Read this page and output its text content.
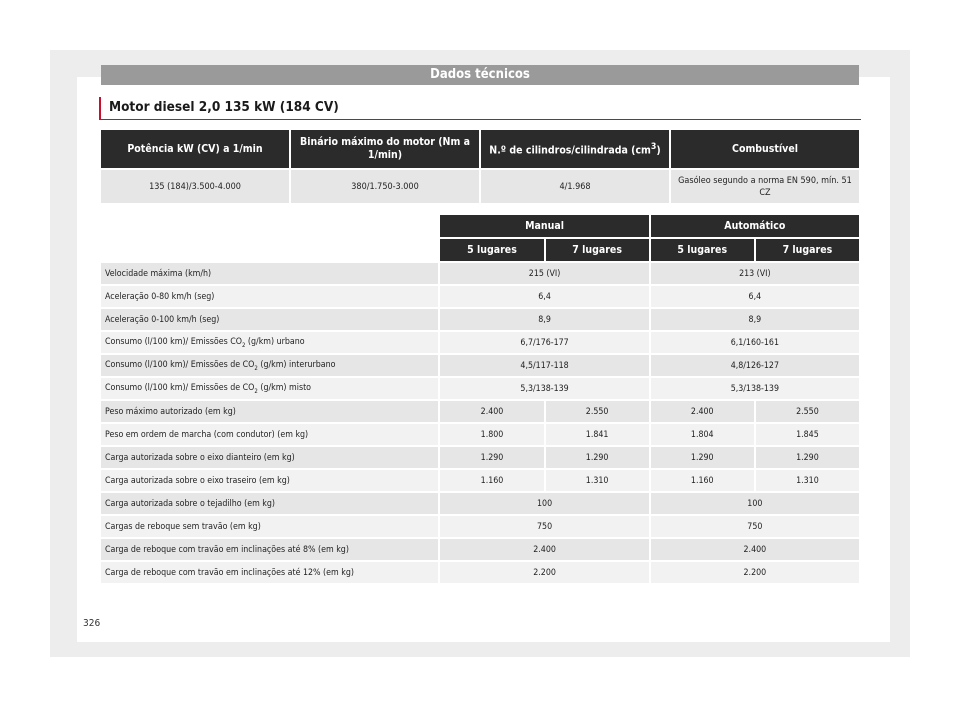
Dados técnicos
Motor diesel 2,0 135 kW (184 CV)
Potência kW (CV) a 1/min	Binário máximo do motor (Nm a 1/min)	N.º de cilindros/cilindrada $(cm^3)$	Combustível
135 (184)/3.500-4.000	380/1.750-3.000	4/1.968	Gasóleo segundo a norma EN 590, mín. 51 CZ
	Manual		Automático	
	5 lugares	7 lugares	5 lugares	7 lugares
Velocidade máxima (km/h)	215 (VI)		213 (VI)	
Aceleração 0-80 km/h (seg)	6,4		6,4	
Aceleração 0-100 km/h (seg)	8,9		8,9	
Consumo (l/100 km)/ Emissões $CO_2$ (g/km) urbano	6,7/176-177		6,1/160-161	
Consumo (l/100 km)/ Emissões de $CO_2$ (g/km) interurbano	4,5/117-118		4,8/126-127	
Consumo (l/100 km)/ Emissões de $CO_2$ (g/km) misto	5,3/138-139		5,3/138-139	
Peso máximo autorizado (em kg)	2.400	2.550	2.400	2.550
Peso em ordem de marcha (com condutor) (em kg)	1.800	1.841	1.804	1.845
Carga autorizada sobre o eixo dianteiro (em kg)	1.290	1.290	1.290	1.290
Carga autorizada sobre o eixo traseiro (em kg)	1.160	1.310	1.160	1.310
Carga autorizada sobre o tejadilho (em kg)	100		100	
Cargas de reboque sem travão (em kg)	750		750	
Carga de reboque com travão em inclinações até 8% (em kg)	2.400		2.400	
Carga de reboque com travão em inclinações até 12% (em kg)	2.200		2.200	
326
